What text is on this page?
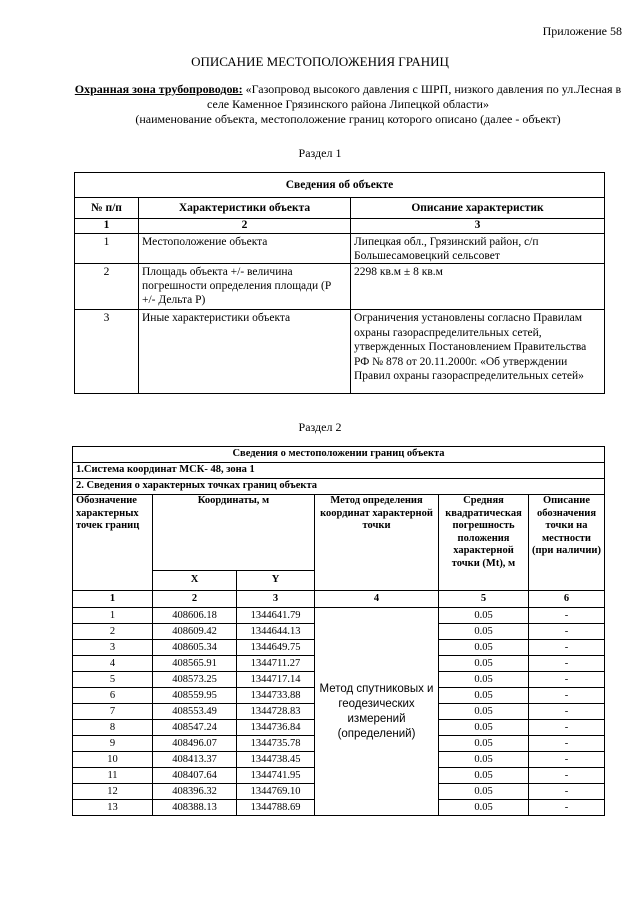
Приложение 58
ОПИСАНИЕ МЕСТОПОЛОЖЕНИЯ ГРАНИЦ
Охранная зона трубопроводов: «Газопровод высокого давления с ШРП, низкого давления по ул.Лесная в селе Каменное Грязинского района Липецкой области»
(наименование объекта, местоположение границ которого описано (далее - объект)
Раздел 1
Сведения об объекте		
№ п/п	Характеристики объекта	Описание характеристик
1	2	3
1	Местоположение объекта	Липецкая обл., Грязинский район, с/п Большесамовецкий сельсовет
2	Площадь объекта +/- величина погрешности определения площади (P +/- Дельта P)	2298 кв.м ± 8 кв.м
3	Иные характеристики объекта	Ограничения установлены согласно Правилам охраны газораспределительных сетей, утвержденных Постановлением Правительства РФ № 878 от 20.11.2000г. «Об утверждении Правил охраны газораспределительных сетей»
Раздел 2
Сведения о местоположении границ объекта					
1.Система координат МСК- 48, зона 1					
2. Сведения о характерных точках границ объекта					
Обозначение характерных точек границ	Координаты, м		Метод определения координат характерной точки	Средняя квадратическая погрешность положения характерной точки (Mt), м	Описание обозначения точки на местности (при наличии)
	X	Y			
1	2	3	4	5	6
1	408606.18	1344641.79	Метод спутниковых и геодезических измерений (определений)	0.05	-
2	408609.42	1344644.13		0.05	-
3	408605.34	1344649.75		0.05	-
4	408565.91	1344711.27		0.05	-
5	408573.25	1344717.14		0.05	-
6	408559.95	1344733.88		0.05	-
7	408553.49	1344728.83		0.05	-
8	408547.24	1344736.84		0.05	-
9	408496.07	1344735.78		0.05	-
10	408413.37	1344738.45		0.05	-
11	408407.64	1344741.95		0.05	-
12	408396.32	1344769.10		0.05	-
13	408388.13	1344788.69		0.05	-
